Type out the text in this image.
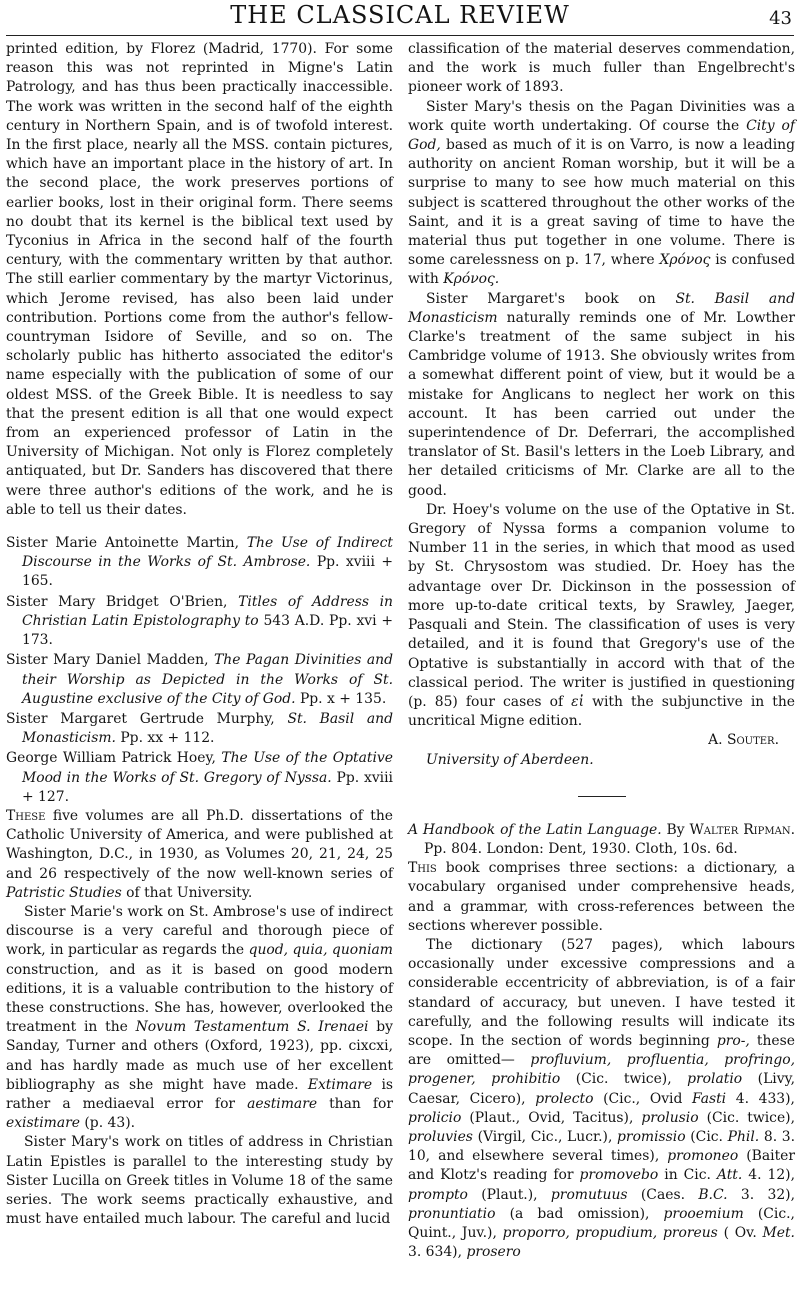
THE CLASSICAL REVIEW	43

printed edition, by Florez (Madrid, 1770). For some reason this was not reprinted in Migne's Latin Patrology, and has thus been practically inaccessible. The work was written in the second half of the eighth century in Northern Spain, and is of twofold interest. In the first place, nearly all the MSS. contain pictures, which have an important place in the history of art. In the second place, the work preserves portions of earlier books, lost in their original form. There seems no doubt that its kernel is the biblical text used by Tyconius in Africa in the second half of the fourth century, with the commentary written by that author. The still earlier commentary by the martyr Victorinus, which Jerome revised, has also been laid under contribution. Portions come from the author's fellow-countryman Isidore of Seville, and so on. The scholarly public has hitherto associated the editor's name especially with the publication of some of our oldest MSS. of the Greek Bible. It is needless to say that the present edition is all that one would expect from an experienced professor of Latin in the University of Michigan. Not only is Florez completely antiquated, but Dr. Sanders has discovered that there were three author's editions of the work, and he is able to tell us their dates.

Sister Marie Antoinette Martin, The Use of Indirect Discourse in the Works of St. Ambrose. Pp. xviii + 165.

Sister Mary Bridget O'Brien, Titles of Address in Christian Latin Epistolography to 543 A.D. Pp. xvi + 173.

Sister Mary Daniel Madden, The Pagan Divinities and their Worship as Depicted in the Works of St. Augustine exclusive of the City of God. Pp. x + 135.

Sister Margaret Gertrude Murphy, St. Basil and Monasticism. Pp. xx + 112.

George William Patrick Hoey, The Use of the Optative Mood in the Works of St. Gregory of Nyssa. Pp. xviii + 127.

These five volumes are all Ph.D. dissertations of the Catholic University of America, and were published at Washington, D.C., in 1930, as Volumes 20, 21, 24, 25 and 26 respectively of the now well-known series of Patristic Studies of that University.

Sister Marie's work on St. Ambrose's use of indirect discourse is a very careful and thorough piece of work, in particular as regards the quod, quia, quoniam construction, and as it is based on good modern editions, it is a valuable contribution to the history of these constructions. She has, however, overlooked the treatment in the Novum Testamentum S. Irenaei by Sanday, Turner and others (Oxford, 1923), pp. cixcxi, and has hardly made as much use of her excellent bibliography as she might have made. Extimare is rather a mediaeval error for aestimare than for existimare (p. 43).

Sister Mary's work on titles of address in Christian Latin Epistles is parallel to the interesting study by Sister Lucilla on Greek titles in Volume 18 of the same series. The work seems practically exhaustive, and must have entailed much labour. The careful and lucid

classification of the material deserves commendation, and the work is much fuller than Engelbrecht's pioneer work of 1893.

Sister Mary's thesis on the Pagan Divinities was a work quite worth undertaking. Of course the City of God, based as much of it is on Varro, is now a leading authority on ancient Roman worship, but it will be a surprise to many to see how much material on this subject is scattered throughout the other works of the Saint, and it is a great saving of time to have the material thus put together in one volume. There is some carelessness on p. 17, where Χρόνος is confused with Κρόνος.

Sister Margaret's book on St. Basil and Monasticism naturally reminds one of Mr. Lowther Clarke's treatment of the same subject in his Cambridge volume of 1913. She obviously writes from a somewhat different point of view, but it would be a mistake for Anglicans to neglect her work on this account. It has been carried out under the superintendence of Dr. Deferrari, the accomplished translator of St. Basil's letters in the Loeb Library, and her detailed criticisms of Mr. Clarke are all to the good.

Dr. Hoey's volume on the use of the Optative in St. Gregory of Nyssa forms a companion volume to Number 11 in the series, in which that mood as used by St. Chrysostom was studied. Dr. Hoey has the advantage over Dr. Dickinson in the possession of more up-to-date critical texts, by Srawley, Jaeger, Pasquali and Stein. The classification of uses is very detailed, and it is found that Gregory's use of the Optative is substantially in accord with that of the classical period. The writer is justified in questioning (p. 85) four cases of εἰ with the subjunctive in the uncritical Migne edition.

A. Souter.

University of Aberdeen.

A Handbook of the Latin Language. By Walter Ripman. Pp. 804. London: Dent, 1930. Cloth, 10s. 6d.

This book comprises three sections: a dictionary, a vocabulary organised under comprehensive heads, and a grammar, with cross-references between the sections wherever possible.

The dictionary (527 pages), which labours occasionally under excessive compressions and a considerable eccentricity of abbreviation, is of a fair standard of accuracy, but uneven. I have tested it carefully, and the following results will indicate its scope. In the section of words beginning pro-, these are omitted— profluvium, profluentia, profringo, progener, prohibitio (Cic. twice), prolatio (Livy, Caesar, Cicero), prolecto (Cic., Ovid Fasti 4. 433), prolicio (Plaut., Ovid, Tacitus), prolusio (Cic. twice), proluvies (Virgil, Cic., Lucr.), promissio (Cic. Phil. 8. 3. 10, and elsewhere several times), promoneo (Baiter and Klotz's reading for promovebo in Cic. Att. 4. 12), prompto (Plaut.), promutuus (Caes. B.C. 3. 32), pronuntiatio (a bad omission), prooemium (Cic., Quint., Juv.), proporro, propudium, proreus ( Ov. Met. 3. 634), prosero
